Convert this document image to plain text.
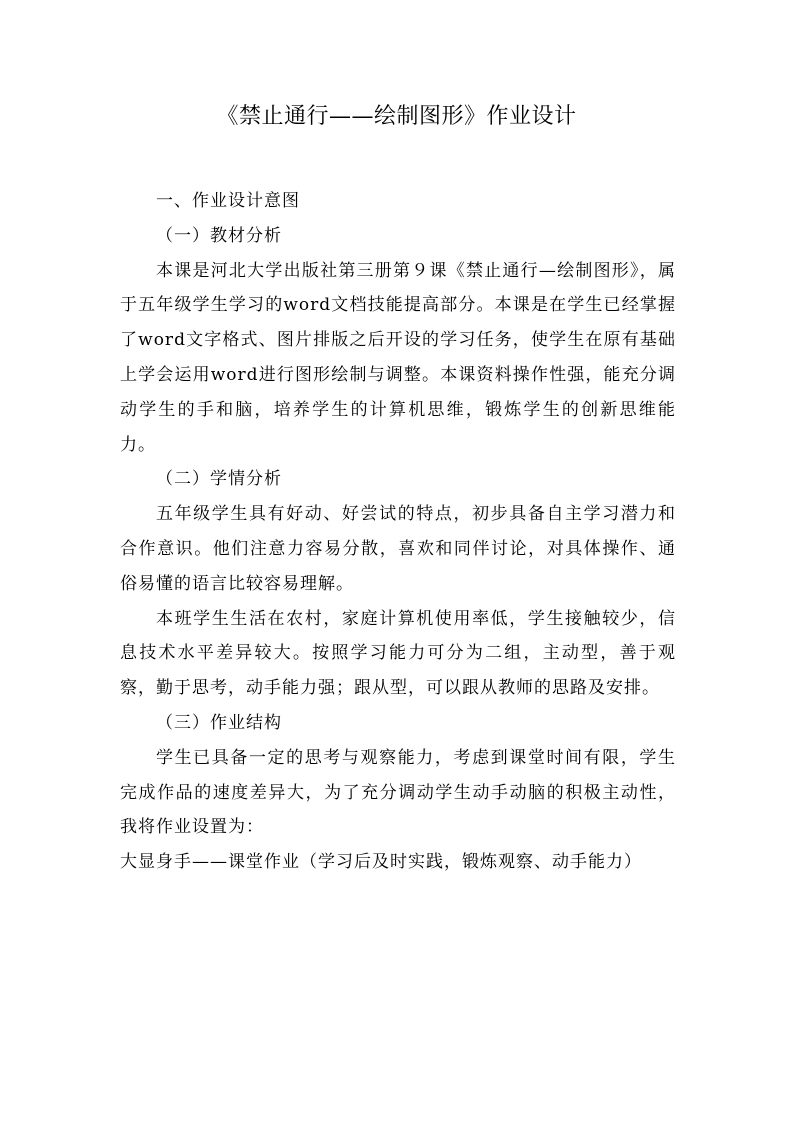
《禁止通行——绘制图形》作业设计

一、作业设计意图

（一）教材分析

本课是河北大学出版社第三册第９课《禁止通行—绘制图形》，属于五年级学生学习的word文档技能提高部分。本课是在学生已经掌握了word文字格式、图片排版之后开设的学习任务，使学生在原有基础上学会运用word进行图形绘制与调整。本课资料操作性强，能充分调动学生的手和脑，培养学生的计算机思维，锻炼学生的创新思维能力。

（二）学情分析

五年级学生具有好动、好尝试的特点，初步具备自主学习潜力和合作意识。他们注意力容易分散，喜欢和同伴讨论，对具体操作、通俗易懂的语言比较容易理解。

本班学生生活在农村，家庭计算机使用率低，学生接触较少，信息技术水平差异较大。按照学习能力可分为二组，主动型，善于观察，勤于思考，动手能力强；跟从型，可以跟从教师的思路及安排。

（三）作业结构

学生已具备一定的思考与观察能力，考虑到课堂时间有限，学生完成作品的速度差异大，为了充分调动学生动手动脑的积极主动性，我将作业设置为：

大显身手——课堂作业（学习后及时实践，锻炼观察、动手能力）
